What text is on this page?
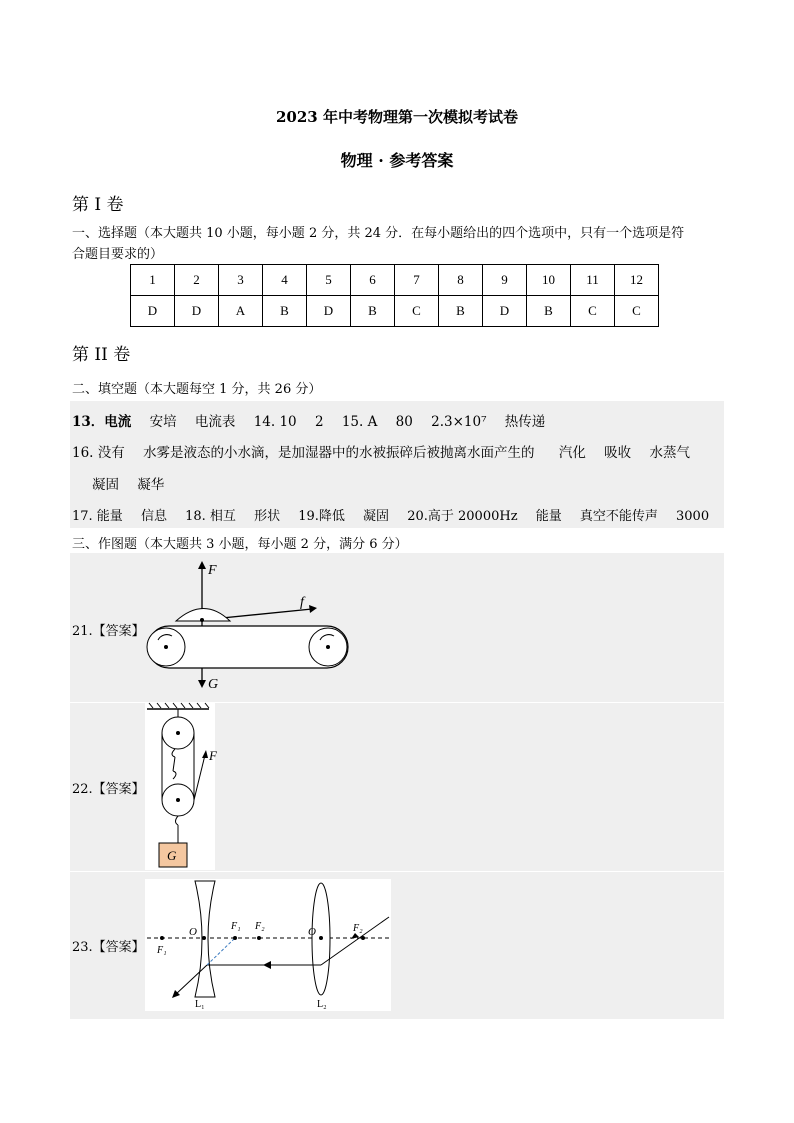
2023 年中考物理第一次模拟考试卷
物理 · 参考答案
第 I 卷
一、选择题（本大题共 10 小题，每小题 2 分，共 24 分．在每小题给出的四个选项中，只有一个选项是符
合题目要求的）
1	2	3	4	5	6	7	8	9	10	11	12
D	D	A	B	D	B	C	B	D	B	C	C
第 II 卷
二、填空题（本大题每空 1 分，共 26 分）
13．电流 安培 电流表 14. 10 2 15. A 80 2.3×10⁷ 热传递
16. 没有 水雾是液态的小水滴，是加湿器中的水被振碎后被抛离水面产生的 汽化 吸收 水蒸气
凝固 凝华
17. 能量 信息 18. 相互 形状 19.降低 凝固 20.高于 20000Hz 能量 真空不能传声 3000
三、作图题（本大题共 3 小题，每小题 2 分，满分 6 分）
21.【答案】
F
f
G
22.【答案】
F
G
23.【答案】
O	F₁ F₂
F₁
O	F₂
L₁	L₂
